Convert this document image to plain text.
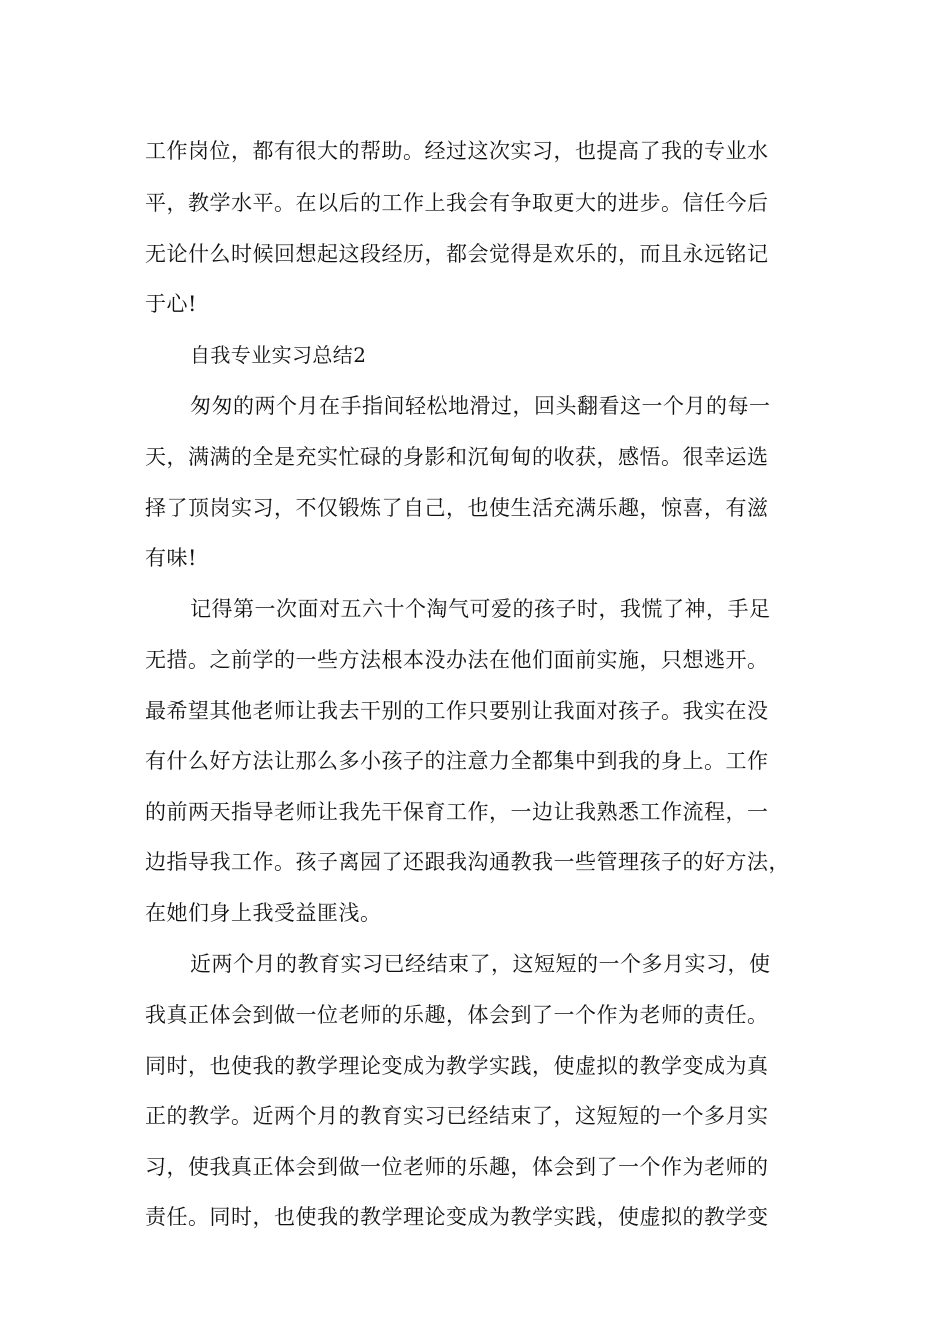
工作岗位，都有很大的帮助。经过这次实习，也提高了我的专业水
平，教学水平。在以后的工作上我会有争取更大的进步。信任今后
无论什么时候回想起这段经历，都会觉得是欢乐的，而且永远铭记
于心!
自我专业实习总结2
匆匆的两个月在手指间轻松地滑过，回头翻看这一个月的每一
天，满满的全是充实忙碌的身影和沉甸甸的收获，感悟。很幸运选
择了顶岗实习，不仅锻炼了自己，也使生活充满乐趣，惊喜，有滋
有味!
记得第一次面对五六十个淘气可爱的孩子时，我慌了神，手足
无措。之前学的一些方法根本没办法在他们面前实施，只想逃开。
最希望其他老师让我去干别的工作只要别让我面对孩子。我实在没
有什么好方法让那么多小孩子的注意力全都集中到我的身上。工作
的前两天指导老师让我先干保育工作，一边让我熟悉工作流程，一
边指导我工作。孩子离园了还跟我沟通教我一些管理孩子的好方法，
在她们身上我受益匪浅。
近两个月的教育实习已经结束了，这短短的一个多月实习，使
我真正体会到做一位老师的乐趣，体会到了一个作为老师的责任。
同时，也使我的教学理论变成为教学实践，使虚拟的教学变成为真
正的教学。近两个月的教育实习已经结束了，这短短的一个多月实
习，使我真正体会到做一位老师的乐趣，体会到了一个作为老师的
责任。同时，也使我的教学理论变成为教学实践，使虚拟的教学变
